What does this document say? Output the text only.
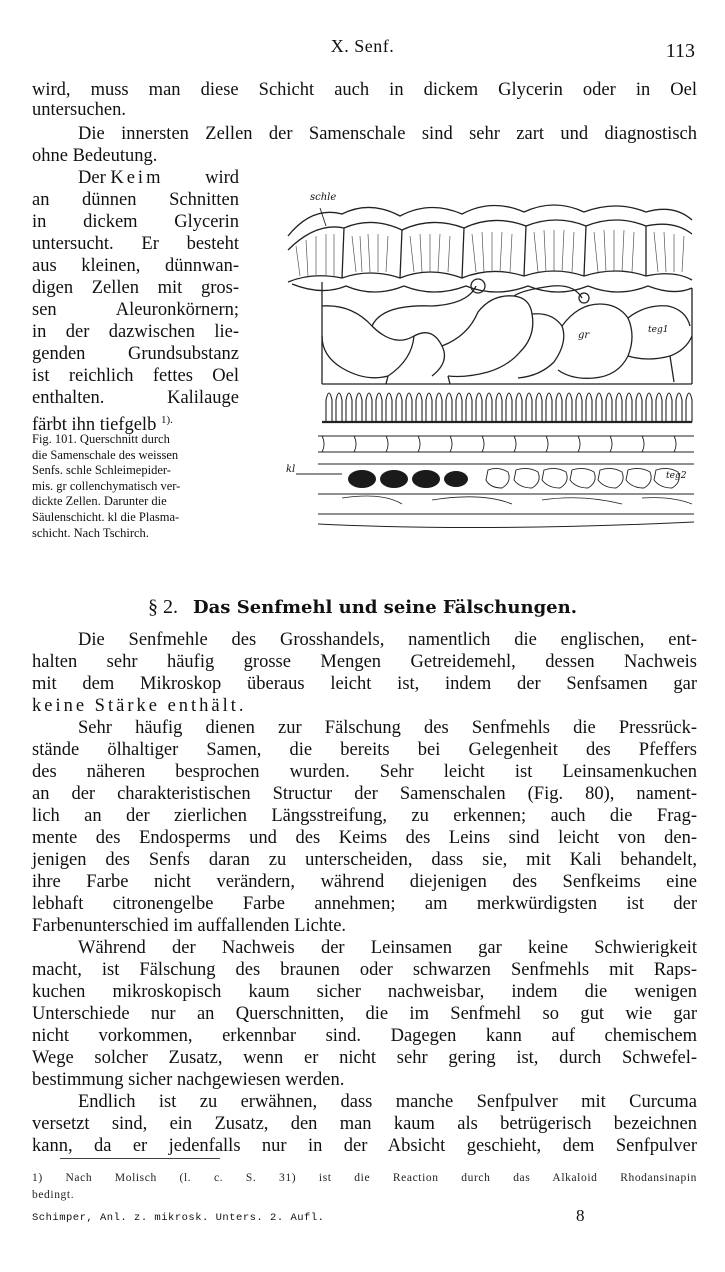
X. Senf.	113
wird, muss man diese Schicht auch in dickem Glycerin oder in Oel
untersuchen.
Die innersten Zellen der Samenschale sind sehr zart und diagnostisch
ohne Bedeutung.
Der Keim wird
an dünnen Schnitten
in dickem Glycerin
untersucht. Er besteht
aus kleinen, dünnwan-
digen Zellen mit gros-
sen Aleuronkörnern;
in der dazwischen lie-
genden Grundsubstanz
ist reichlich fettes Oel
enthalten. Kalilauge
färbt ihn tiefgelb $^{1).}$
Fig. 101. Querschnitt durch
die Samenschale des weissen
Senfs. schle Schleimepider-
mis. gr collenchymatisch ver-
dickte Zellen. Darunter die
Säulenschicht. kl die Plasma-
schicht. Nach Tschirch.
schle
gr	teg1
kl
teg2
§ 2. Das Senfmehl und seine Fälschungen.
Die Senfmehle des Grosshandels, namentlich die englischen, ent-
halten sehr häufig grosse Mengen Getreidemehl, dessen Nachweis
mit dem Mikroskop überaus leicht ist, indem der Senfsamen gar
keine Stärke enthält.
Sehr häufig dienen zur Fälschung des Senfmehls die Pressrück-
stände ölhaltiger Samen, die bereits bei Gelegenheit des Pfeffers
des näheren besprochen wurden. Sehr leicht ist Leinsamenkuchen
an der charakteristischen Structur der Samenschalen (Fig. 80), nament-
lich an der zierlichen Längsstreifung, zu erkennen; auch die Frag-
mente des Endosperms und des Keims des Leins sind leicht von den-
jenigen des Senfs daran zu unterscheiden, dass sie, mit Kali behandelt,
ihre Farbe nicht verändern, während diejenigen des Senfkeims eine
lebhaft citronengelbe Farbe annehmen; am merkwürdigsten ist der
Farbenunterschied im auffallenden Lichte.
Während der Nachweis der Leinsamen gar keine Schwierigkeit
macht, ist Fälschung des braunen oder schwarzen Senfmehls mit Raps-
kuchen mikroskopisch kaum sicher nachweisbar, indem die wenigen
Unterschiede nur an Querschnitten, die im Senfmehl so gut wie gar
nicht vorkommen, erkennbar sind. Dagegen kann auf chemischem
Wege solcher Zusatz, wenn er nicht sehr gering ist, durch Schwefel-
bestimmung sicher nachgewiesen werden.
Endlich ist zu erwähnen, dass manche Senfpulver mit Curcuma
versetzt sind, ein Zusatz, den man kaum als betrügerisch bezeichnen
kann, da er jedenfalls nur in der Absicht geschieht, dem Senfpulver
1) Nach Molisch (l. c. S. 31) ist die Reaction durch das Alkaloid Rhodansinapin
bedingt.
Schimper, Anl. z. mikrosk. Unters. 2. Aufl.	8
